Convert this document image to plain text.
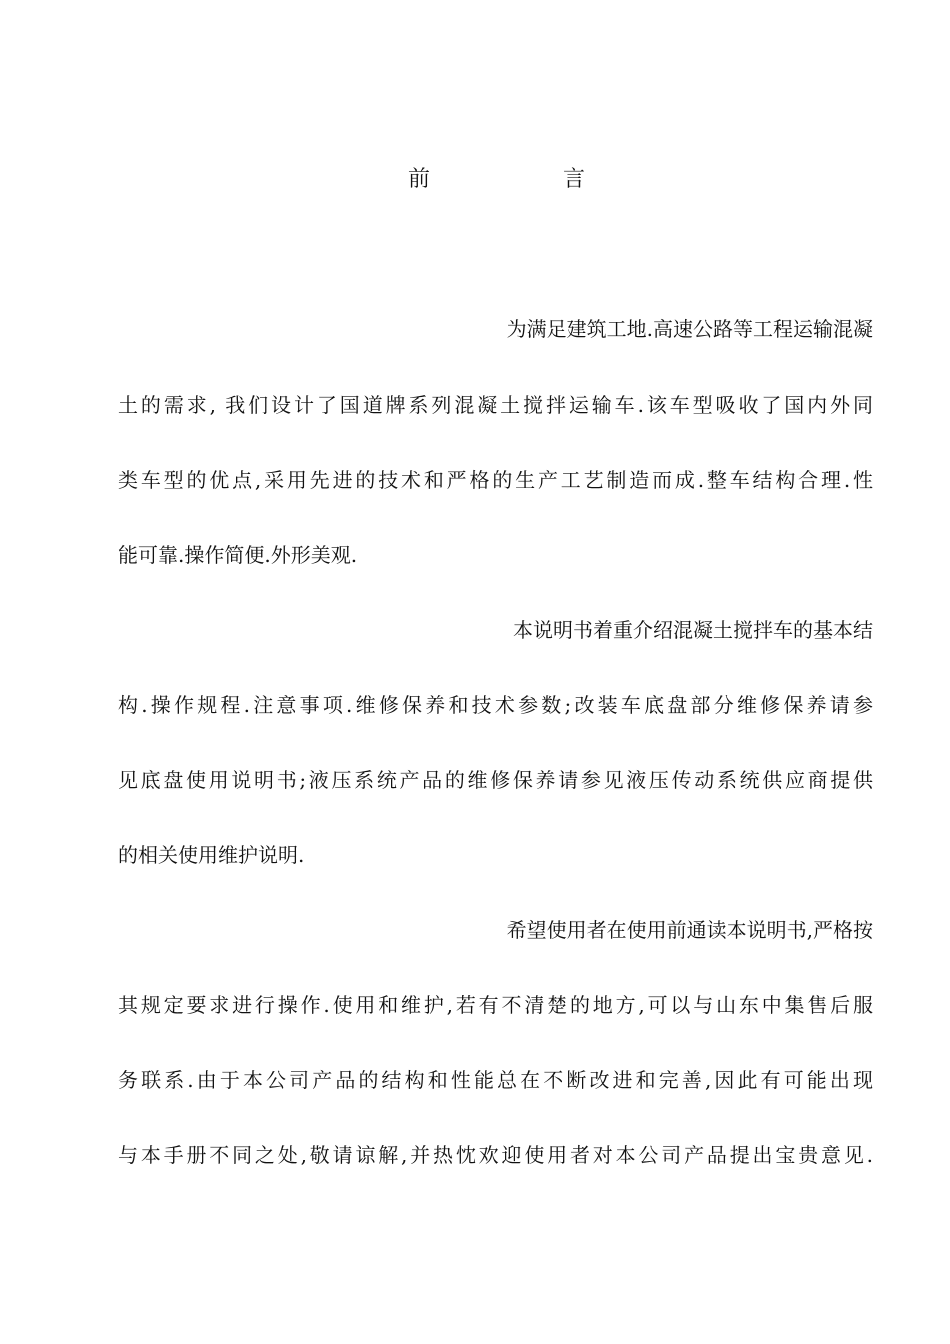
前	言
为满足建筑工地.高速公路等工程运输混凝
土的需求, 我们设计了国道牌系列混凝土搅拌运输车.该车型吸收了国内外同
类车型的优点,采用先进的技术和严格的生产工艺制造而成.整车结构合理.性
能可靠.操作简便.外形美观.
本说明书着重介绍混凝土搅拌车的基本结
构.操作规程.注意事项.维修保养和技术参数;改装车底盘部分维修保养请参
见底盘使用说明书;液压系统产品的维修保养请参见液压传动系统供应商提供
的相关使用维护说明.
希望使用者在使用前通读本说明书,严格按
其规定要求进行操作.使用和维护,若有不清楚的地方,可以与山东中集售后服
务联系.由于本公司产品的结构和性能总在不断改进和完善,因此有可能出现
与本手册不同之处,敬请谅解,并热忱欢迎使用者对本公司产品提出宝贵意见.
